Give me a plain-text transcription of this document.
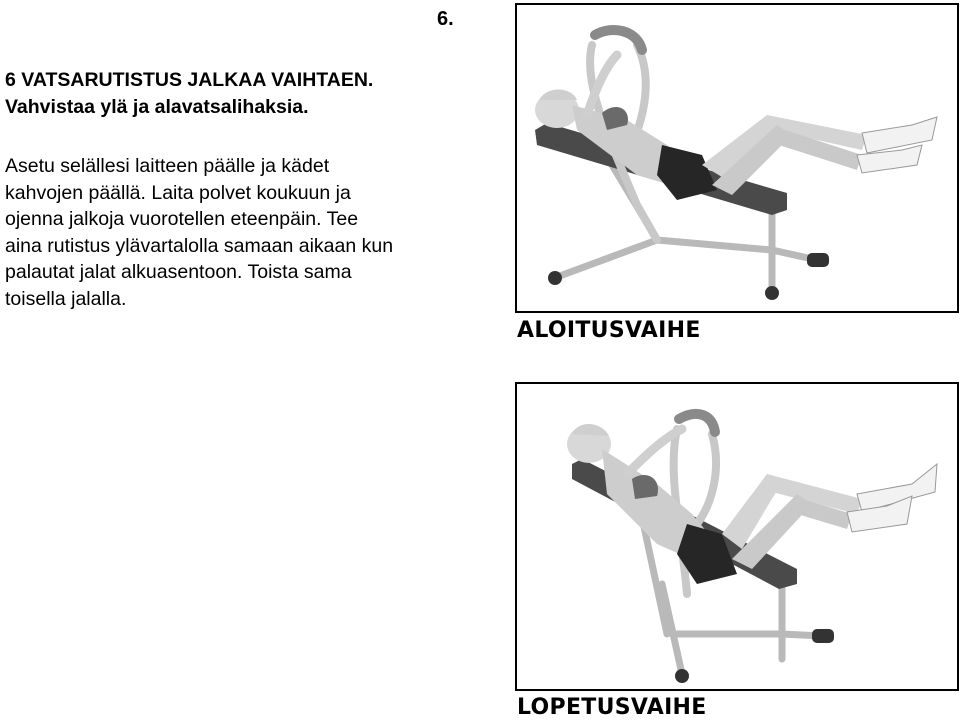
6.
6 VATSARUTISTUS JALKAA VAIHTAEN.
Vahvistaa ylä ja alavatsalihaksia.
Asetu selällesi laitteen päälle ja kädet
kahvojen päällä. Laita polvet koukuun ja
ojenna jalkoja vuorotellen eteenpäin. Tee
aina rutistus ylävartalolla samaan aikaan kun
palautat jalat alkuasentoon. Toista sama
toisella jalalla.
ALOITUSVAIHE
LOPETUSVAIHE
